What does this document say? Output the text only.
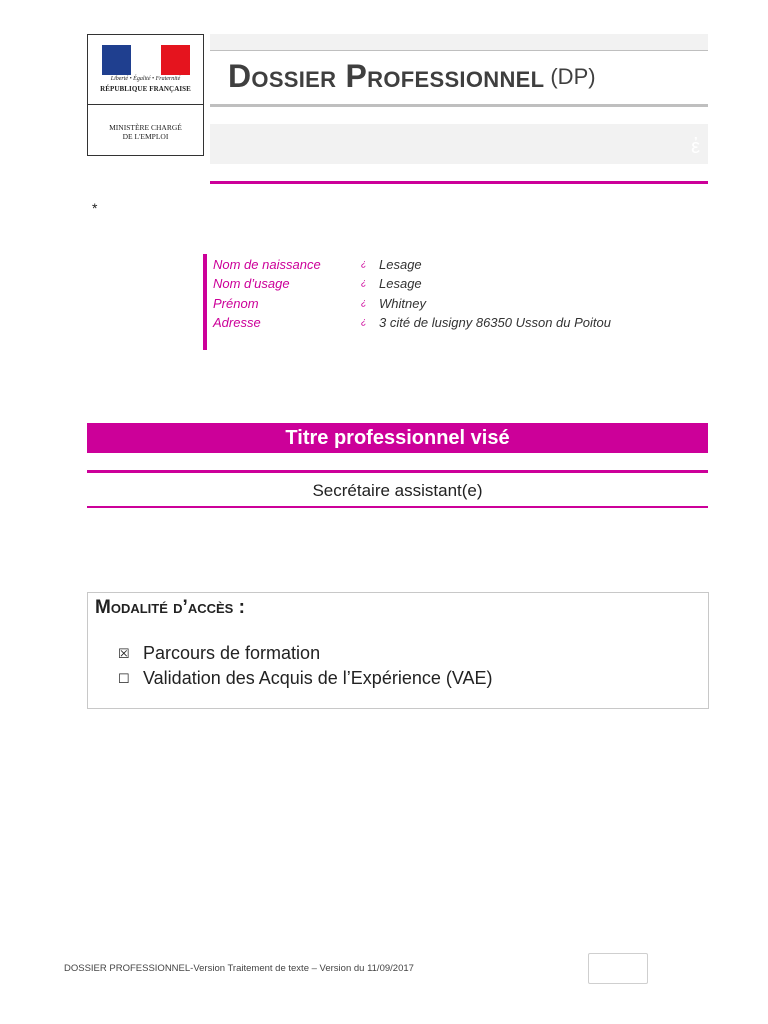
Liberté • Égalité • Fraternité
RÉPUBLIQUE FRANÇAISE
MINISTÈRE CHARGÉ
DE L'EMPLOI
Dossier Professionnel (DP)
ἐ
*
Nom de naissance	¿ Lesage
Nom d’usage	¿ Lesage
Prénom	¿ Whitney
Adresse	¿ 3 cité de lusigny 86350 Usson du Poitou
Titre professionnel visé
Secrétaire assistant(e)
Modalité d’accès :
☒ Parcours de formation
☐ Validation des Acquis de l’Expérience (VAE)
DOSSIER PROFESSIONNEL-Version Traitement de texte – Version du 11/09/2017
